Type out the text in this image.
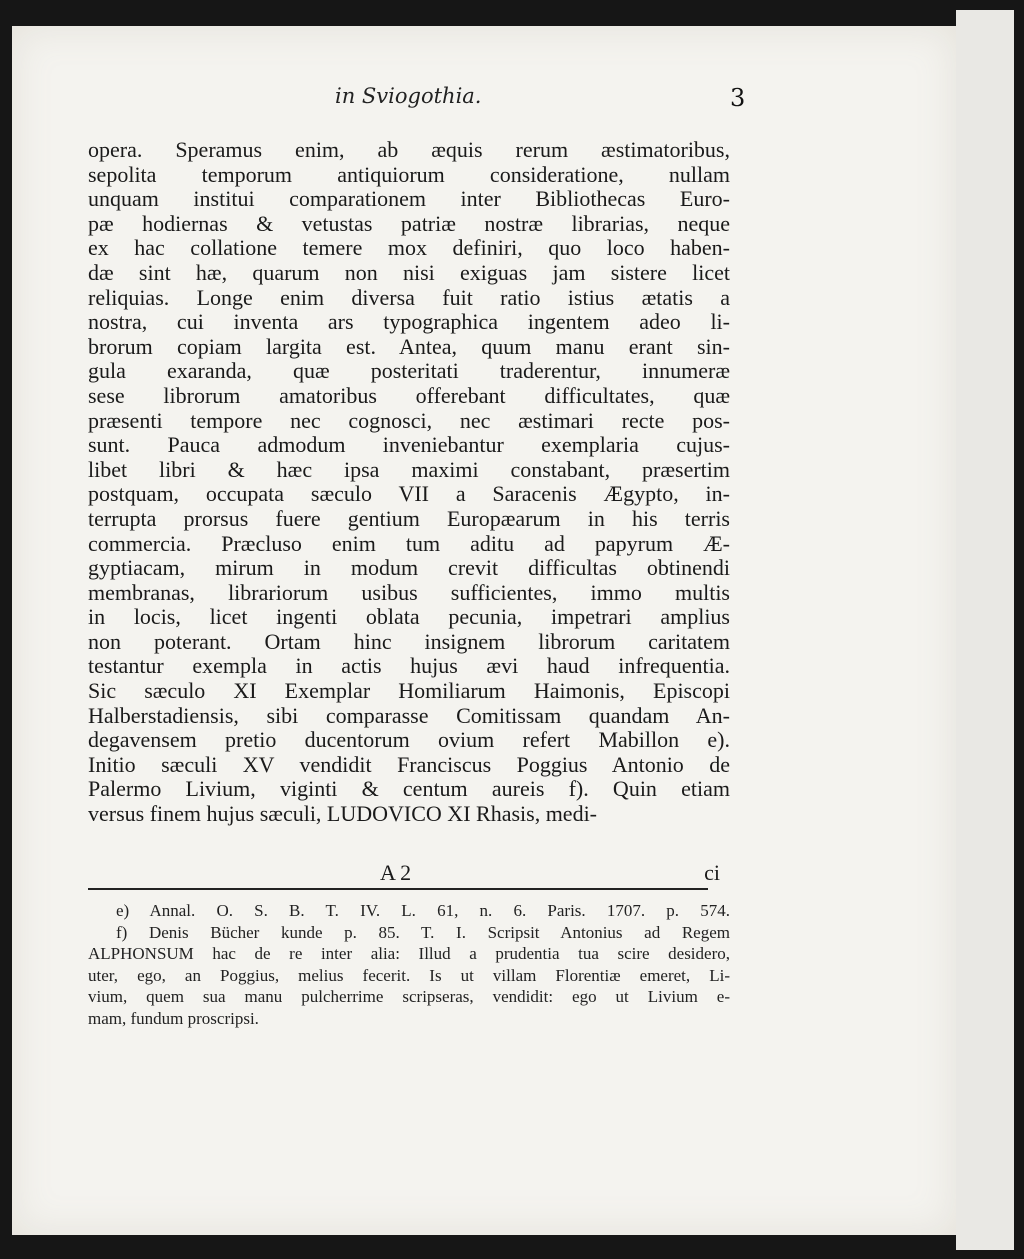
in Sviogothia.	3
opera. Speramus enim, ab æquis rerum æstimatoribus,
sepolita temporum antiquiorum consideratione, nullam
unquam institui comparationem inter Bibliothecas Euro-
pæ hodiernas & vetustas patriæ nostræ librarias, neque
ex hac collatione temere mox definiri, quo loco haben-
dæ sint hæ, quarum non nisi exiguas jam sistere licet
reliquias. Longe enim diversa fuit ratio istius ætatis a
nostra, cui inventa ars typographica ingentem adeo li-
brorum copiam largita est. Antea, quum manu erant sin-
gula exaranda, quæ posteritati traderentur, innumeræ
sese librorum amatoribus offerebant difficultates, quæ
præsenti tempore nec cognosci, nec æstimari recte pos-
sunt. Pauca admodum inveniebantur exemplaria cujus-
libet libri & hæc ipsa maximi constabant, præsertim
postquam, occupata sæculo VII a Saracenis Ægypto, in-
terrupta prorsus fuere gentium Europæarum in his terris
commercia. Præcluso enim tum aditu ad papyrum Æ-
gyptiacam, mirum in modum crevit difficultas obtinendi
membranas, librariorum usibus sufficientes, immo multis
in locis, licet ingenti oblata pecunia, impetrari amplius
non poterant. Ortam hinc insignem librorum caritatem
testantur exempla in actis hujus ævi haud infrequentia.
Sic sæculo XI Exemplar Homiliarum Haimonis, Episcopi
Halberstadiensis, sibi comparasse Comitissam quandam An-
degavensem pretio ducentorum ovium refert Mabillon e).
Initio sæculi XV vendidit Franciscus Poggius Antonio de
Palermo Livium, viginti & centum aureis f). Quin etiam
versus finem hujus sæculi, LUDOVICO XI Rhasis, medi-
A 2	ci
e) Annal. O. S. B. T. IV. L. 61, n. 6. Paris. 1707. p. 574.
f) Denis Bücher kunde p. 85. T. I. Scripsit Antonius ad Regem
ALPHONSUM hac de re inter alia: Illud a prudentia tua scire desidero,
uter, ego, an Poggius, melius fecerit. Is ut villam Florentiæ emeret, Li-
vium, quem sua manu pulcherrime scripseras, vendidit: ego ut Livium e-
mam, fundum proscripsi.
